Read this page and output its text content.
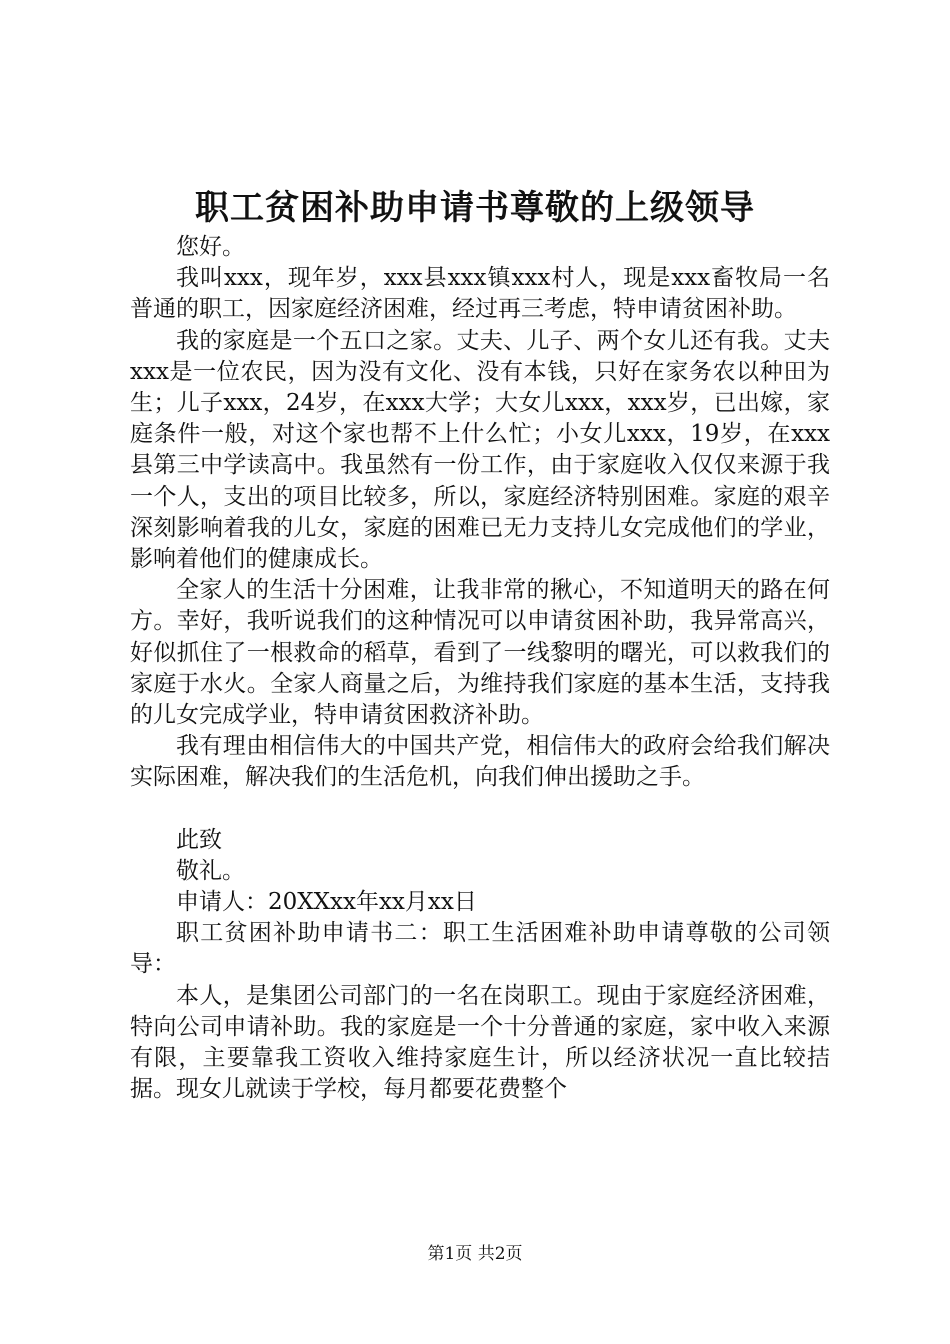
职工贫困补助申请书尊敬的上级领导

您好。

我叫xxx，现年岁，xxx县xxx镇xxx村人，现是xxx畜牧局一名普通的职工，因家庭经济困难，经过再三考虑，特申请贫困补助。

我的家庭是一个五口之家。丈夫、儿子、两个女儿还有我。丈夫xxx是一位农民，因为没有文化、没有本钱，只好在家务农以种田为生；儿子xxx，24岁，在xxx大学；大女儿xxx，xxx岁，已出嫁，家庭条件一般，对这个家也帮不上什么忙；小女儿xxx，19岁，在xxx县第三中学读高中。我虽然有一份工作，由于家庭收入仅仅来源于我一个人，支出的项目比较多，所以，家庭经济特别困难。家庭的艰辛深刻影响着我的儿女，家庭的困难已无力支持儿女完成他们的学业，影响着他们的健康成长。

全家人的生活十分困难，让我非常的揪心，不知道明天的路在何方。幸好，我听说我们的这种情况可以申请贫困补助，我异常高兴，好似抓住了一根救命的稻草，看到了一线黎明的曙光，可以救我们的家庭于水火。全家人商量之后，为维持我们家庭的基本生活，支持我的儿女完成学业，特申请贫困救济补助。

我有理由相信伟大的中国共产党，相信伟大的政府会给我们解决实际困难，解决我们的生活危机，向我们伸出援助之手。

此致

敬礼。

申请人：20XXxx年xx月xx日

职工贫困补助申请书二：职工生活困难补助申请尊敬的公司领导：

本人，是集团公司部门的一名在岗职工。现由于家庭经济困难，特向公司申请补助。我的家庭是一个十分普通的家庭，家中收入来源有限，主要靠我工资收入维持家庭生计，所以经济状况一直比较拮据。现女儿就读于学校，每月都要花费整个

第1页 共2页
